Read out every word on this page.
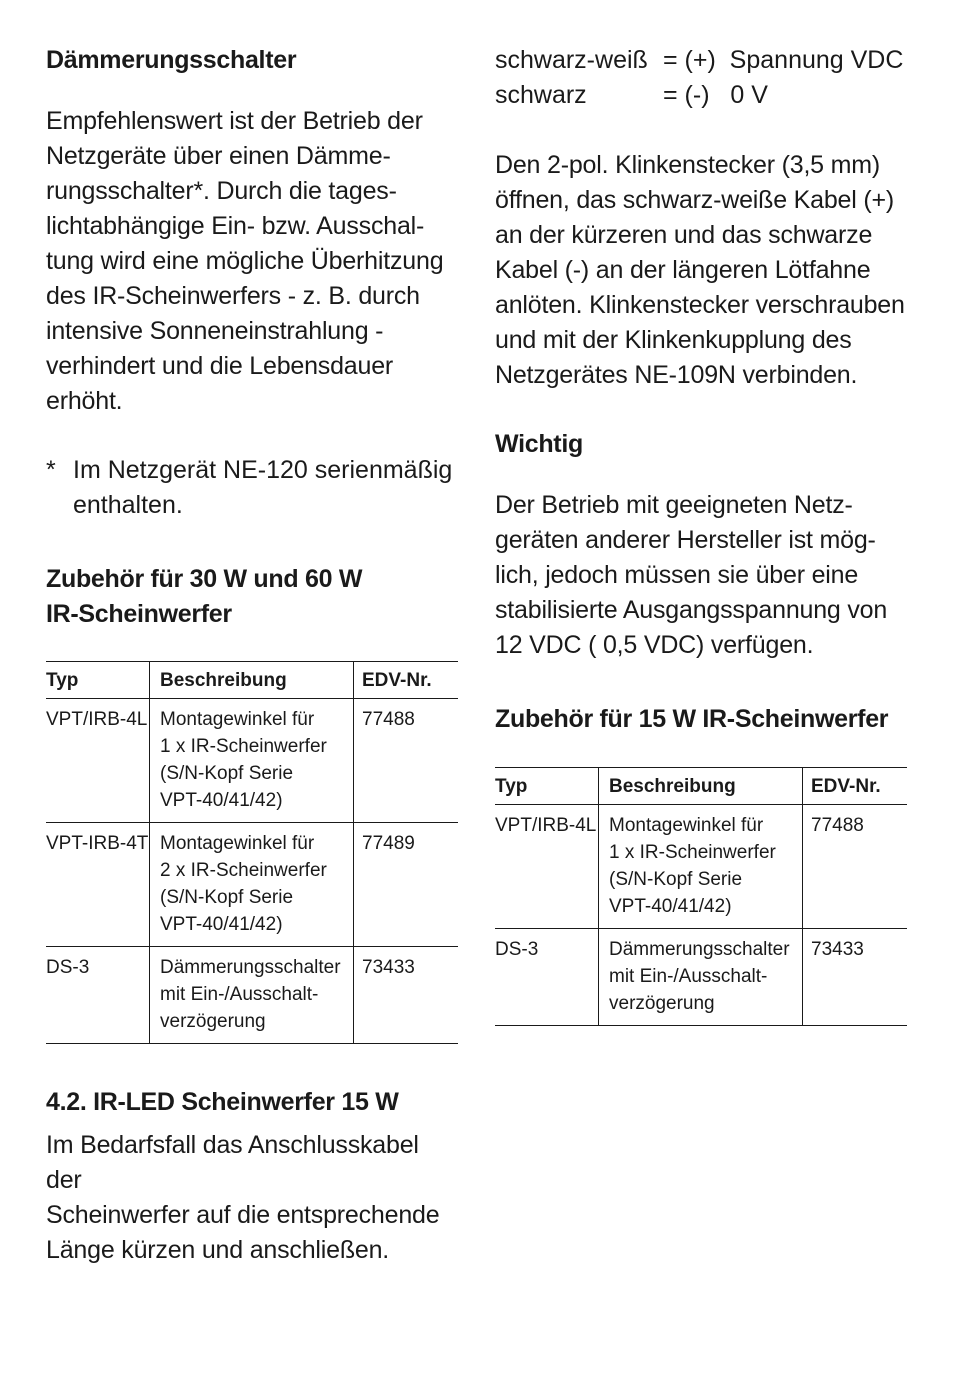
Dämmerungsschalter

Empfehlenswert ist der Betrieb der
Netzgeräte über einen Dämme-
rungsschalter*. Durch die tages-
lichtabhängige Ein- bzw. Ausschal-
tung wird eine mögliche Überhitzung
des IR-Scheinwerfers - z. B. durch
intensive Sonneneinstrahlung -
verhindert und die Lebensdauer
erhöht.

* Im Netzgerät NE-120 serienmäßig
enthalten.
Zubehör für 30 W und 60 W
IR-Scheinwerfer
Typ	Beschreibung	EDV-Nr.
VPT/IRB-4L	Montagewinkel für
1 x IR-Scheinwerfer
(S/N-Kopf Serie
VPT-40/41/42)	77488
VPT-IRB-4T	Montagewinkel für
2 x IR-Scheinwerfer
(S/N-Kopf Serie
VPT-40/41/42)	77489
DS-3	Dämmerungsschalter
mit Ein-/Ausschalt-
verzögerung	73433
4.2. IR-LED Scheinwerfer 15 W

Im Bedarfsfall das Anschlusskabel der
Scheinwerfer auf die entsprechende
Länge kürzen und anschließen.

schwarz-weiß = (+)  Spannung VDC
schwarz	= (-)   0 V

Den 2-pol. Klinkenstecker (3,5 mm)
öffnen, das schwarz-weiße Kabel (+)
an der kürzeren und das schwarze
Kabel (-) an der längeren Lötfahne
anlöten. Klinkenstecker verschrauben
und mit der Klinkenkupplung des
Netzgerätes NE-109N verbinden.

Wichtig

Der Betrieb mit geeigneten Netz-
geräten anderer Hersteller ist mög-
lich, jedoch müssen sie über eine
stabilisierte Ausgangsspannung von
12 VDC ( 0,5 VDC) verfügen.

Zubehör für 15 W IR-Scheinwerfer
Typ	Beschreibung	EDV-Nr.
VPT/IRB-4L	Montagewinkel für
1 x IR-Scheinwerfer
(S/N-Kopf Serie
VPT-40/41/42)	77488
DS-3	Dämmerungsschalter
mit Ein-/Ausschalt-
verzögerung	73433
